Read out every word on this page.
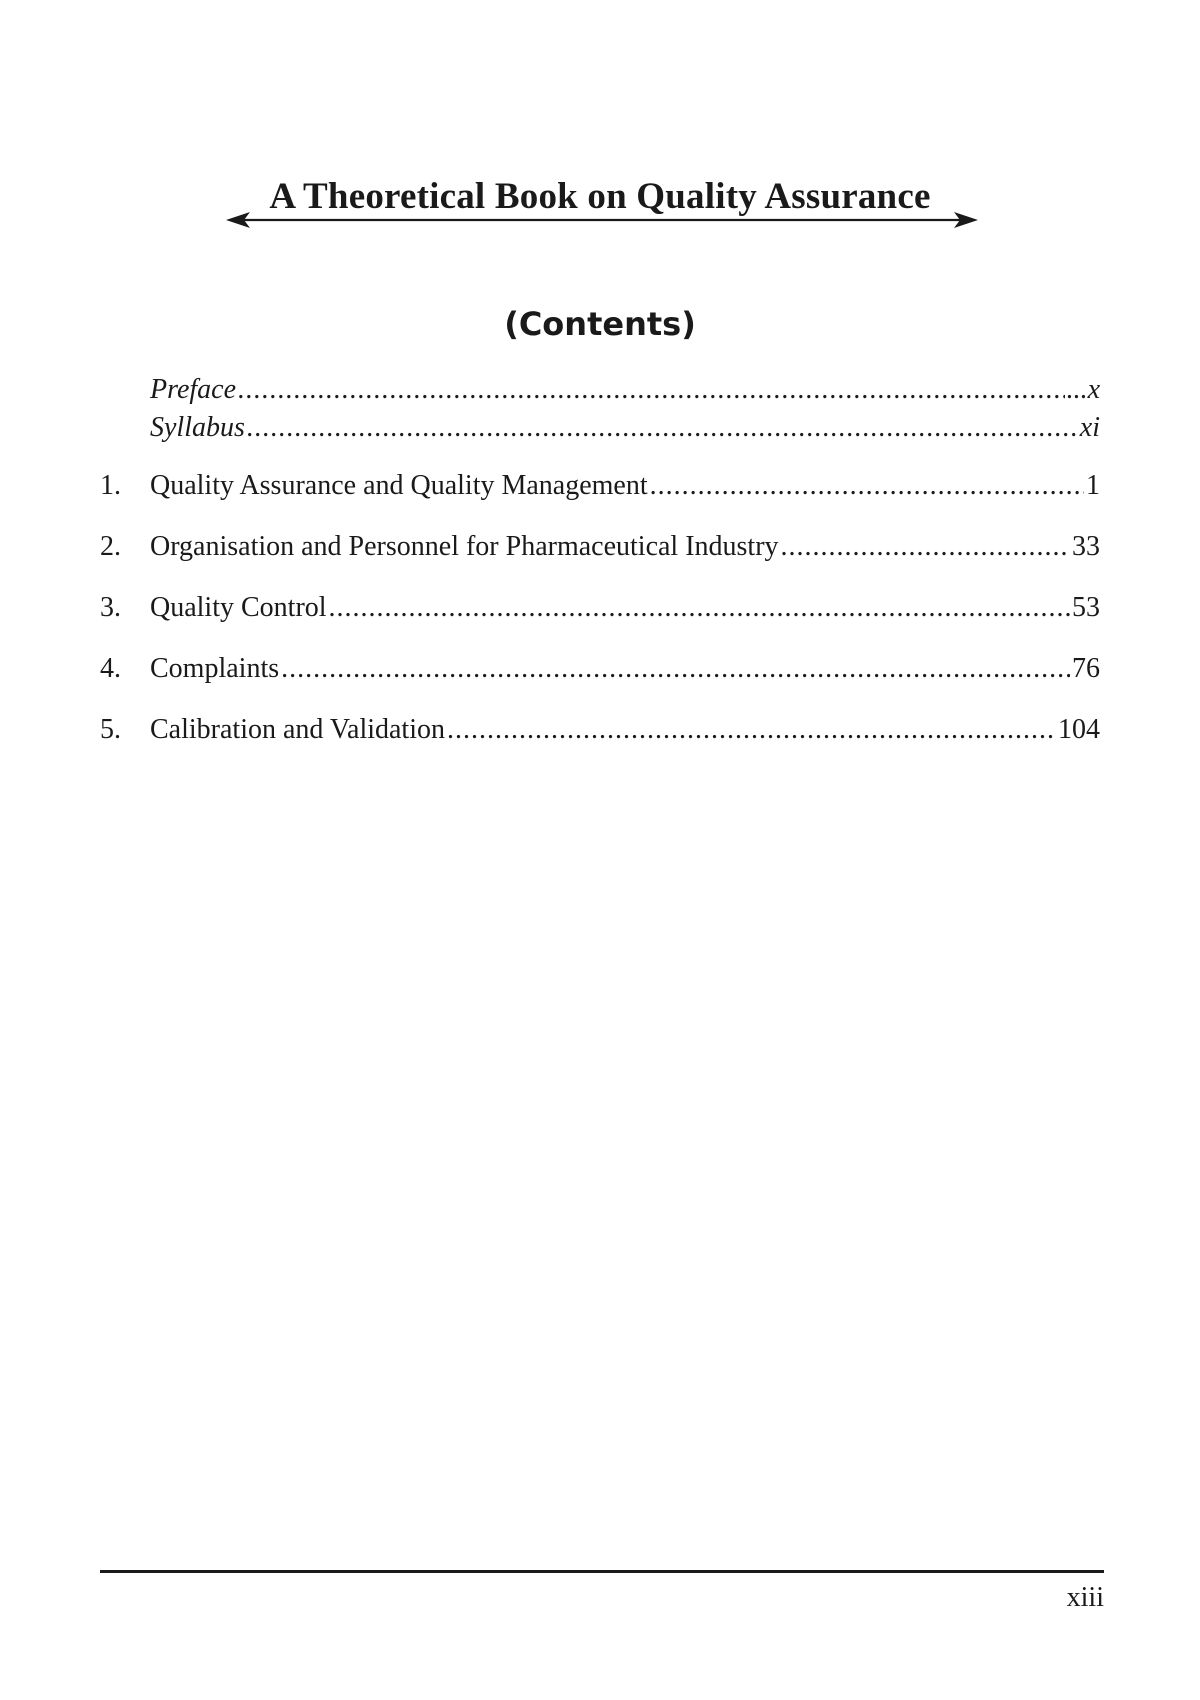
A Theoretical Book on Quality Assurance
(Contents)
Preface .....	...x
Syllabus .....	xi
1.	Quality Assurance and Quality Management .....	1
2.	Organisation and Personnel for Pharmaceutical Industry .....	33
3.	Quality Control .....	53
4.	Complaints .....	76
5.	Calibration and Validation .....	104
xiii
